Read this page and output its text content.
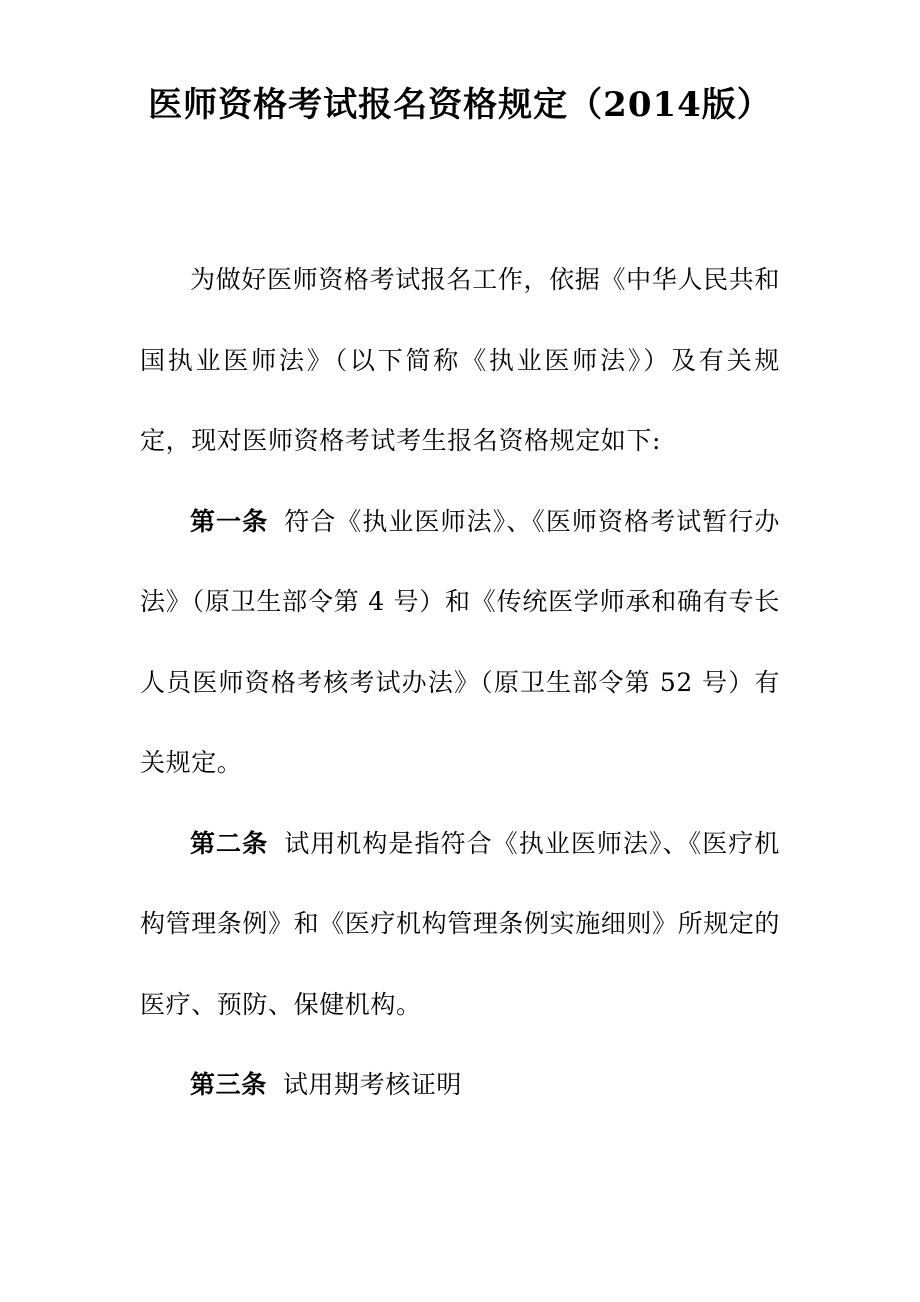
医师资格考试报名资格规定（2014版）

为做好医师资格考试报名工作，依据《中华人民共和国执业医师法》（以下简称《执业医师法》）及有关规定，现对医师资格考试考生报名资格规定如下:

第一条 符合《执业医师法》、《医师资格考试暂行办法》（原卫生部令第 4 号）和《传统医学师承和确有专长人员医师资格考核考试办法》（原卫生部令第 52 号）有关规定。

第二条 试用机构是指符合《执业医师法》、《医疗机构管理条例》和《医疗机构管理条例实施细则》所规定的医疗、预防、保健机构。

第三条 试用期考核证明
